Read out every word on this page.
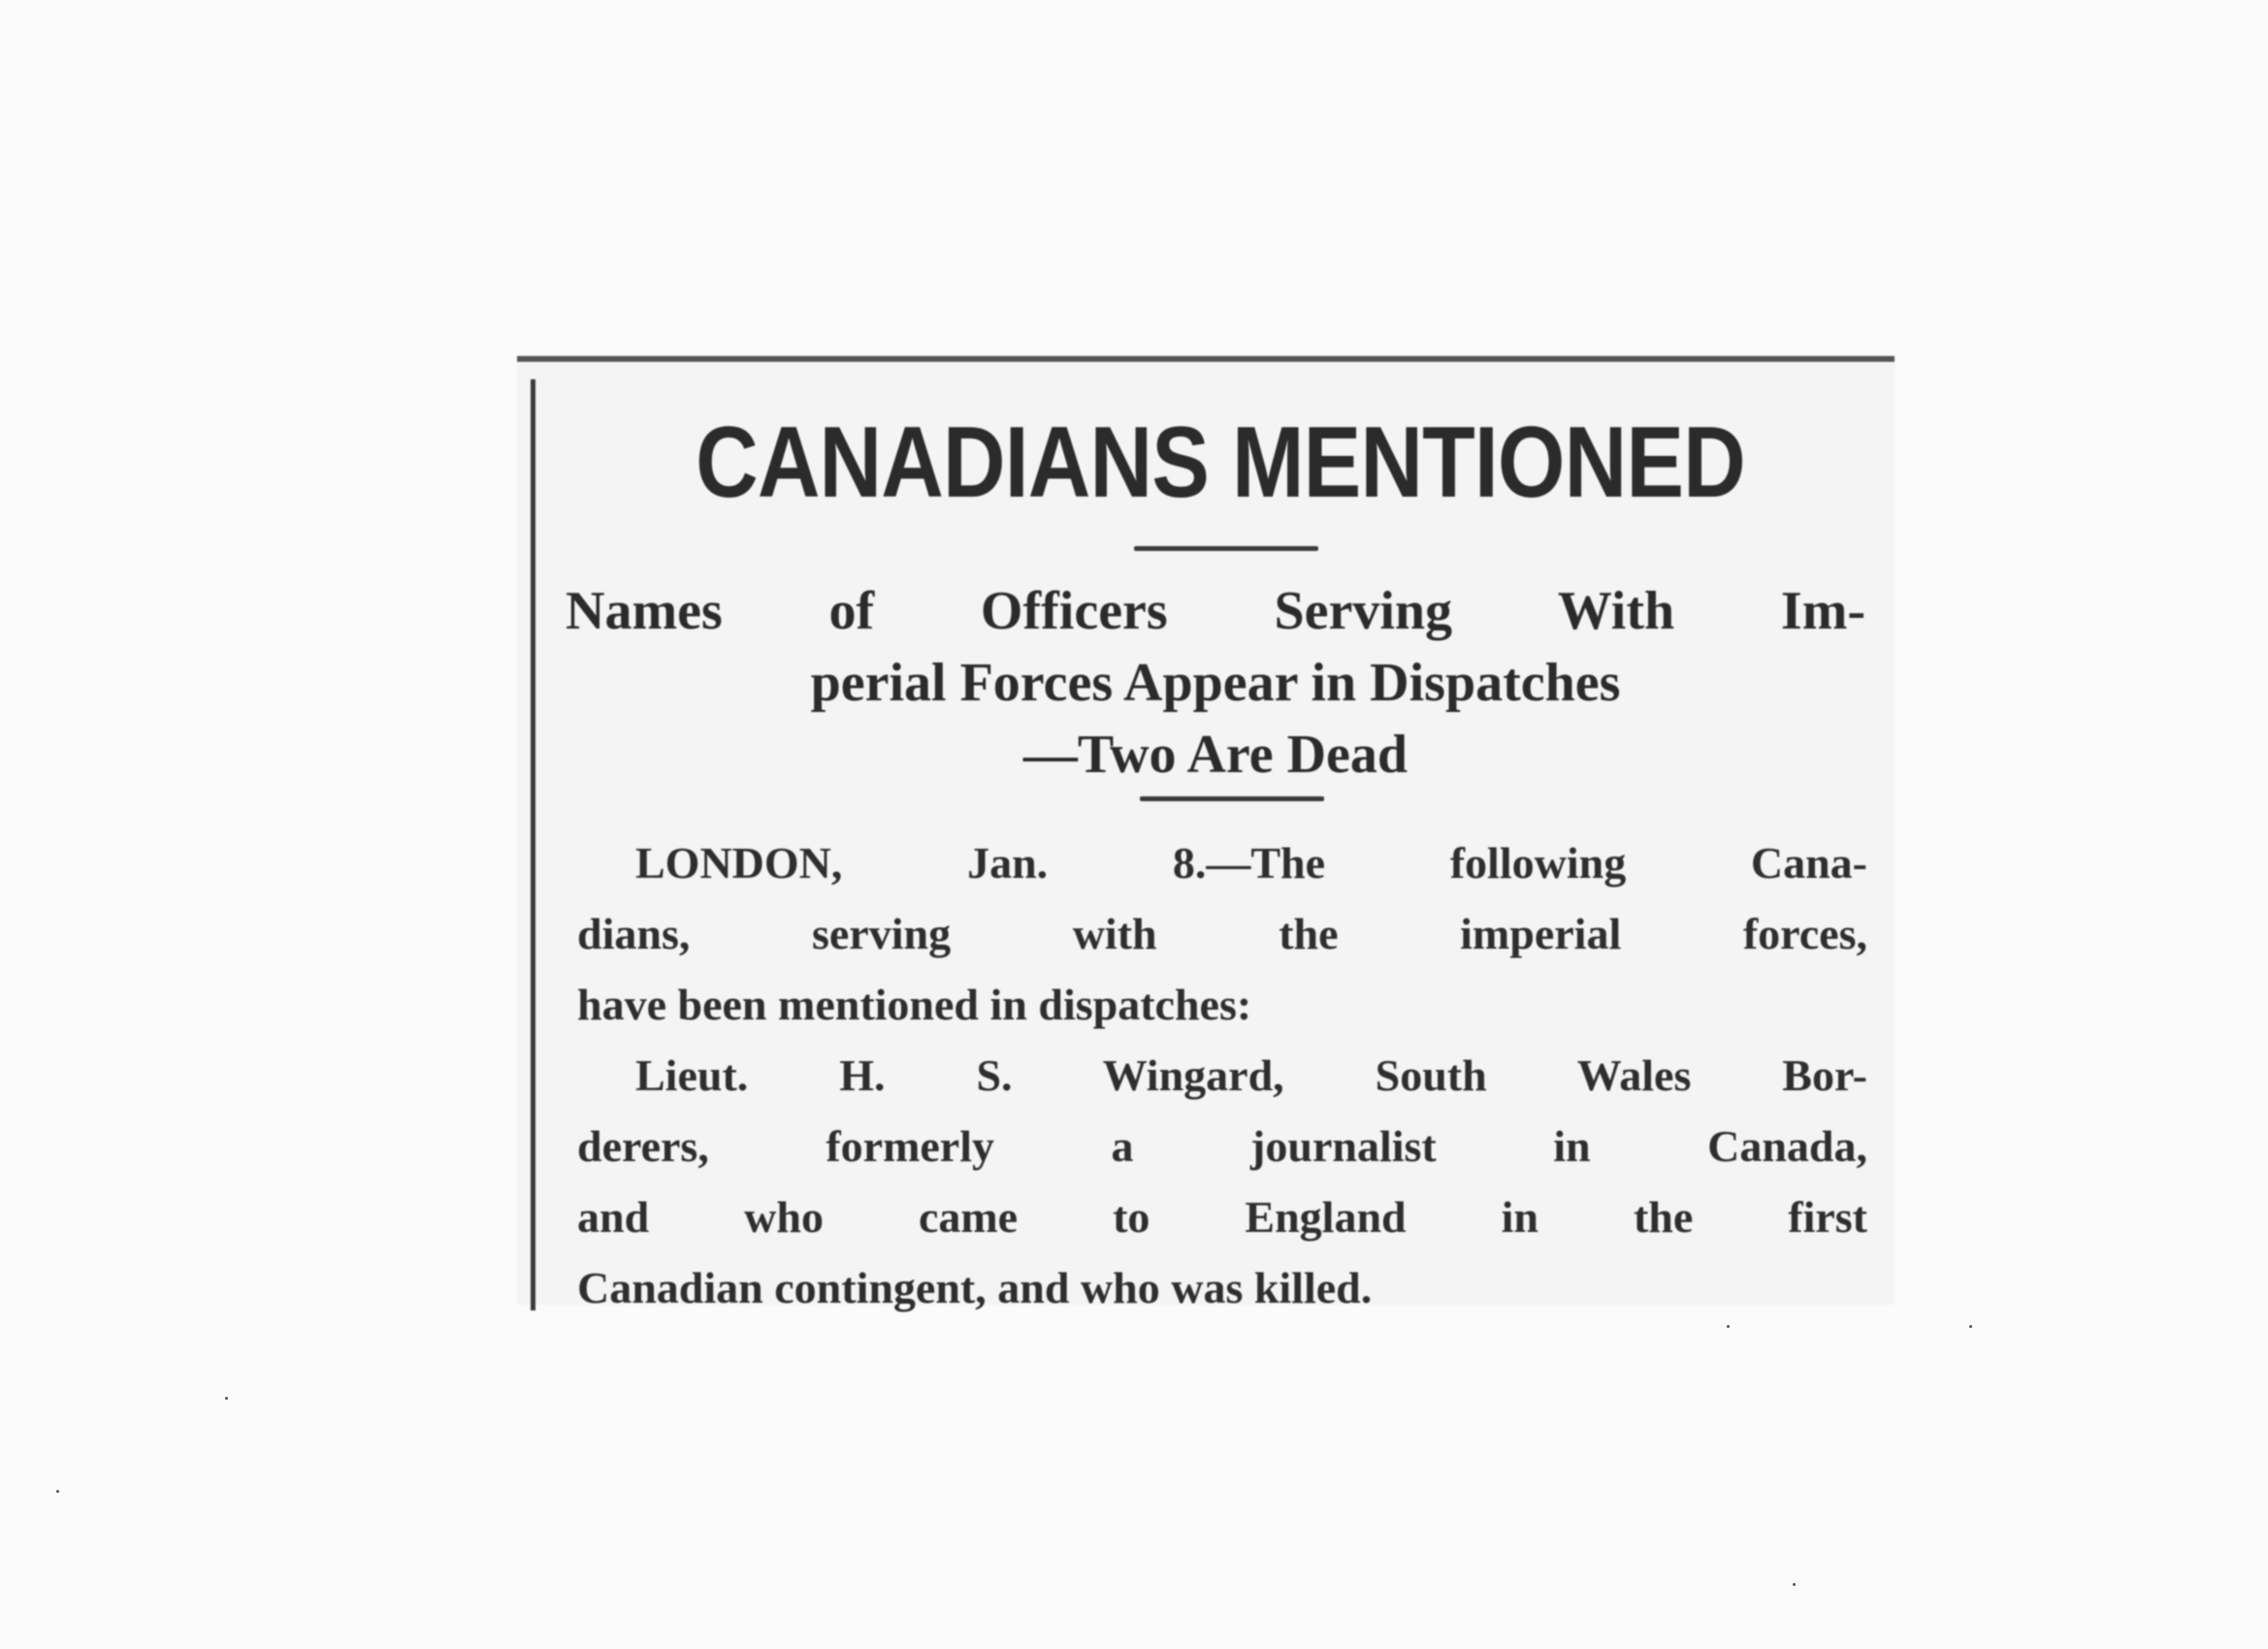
CANADIANS MENTIONED
Names of Officers Serving With Im-
perial Forces Appear in Dispatches
—Two Are Dead
LONDON, Jan. 8.—The following Cana-
dians, serving with the imperial forces,
have been mentioned in dispatches:
Lieut. H. S. Wingard, South Wales Bor-
derers, formerly a journalist in Canada,
and who came to England in the first
Canadian contingent, and who was killed.
